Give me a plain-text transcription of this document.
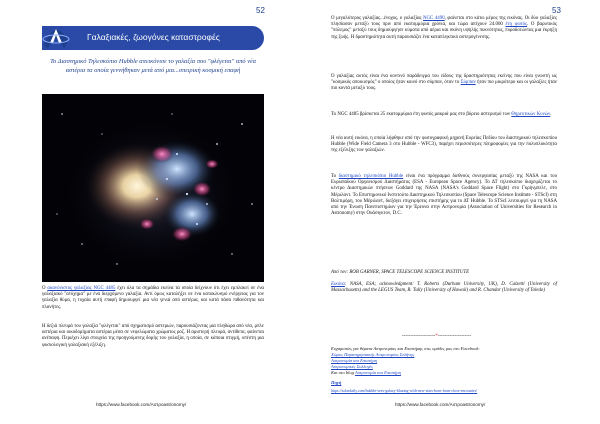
52
Γαλαξιακές, ζωογόνες καταστροφές
Το Διαστημικό Τηλεσκόπιο Hubble απεικόνισε το γαλαξία που "φλέγεται" από νέα αστέρια τα οποία γεννήθηκαν μετά από μια...σπειρική κοσμική επαφή
Ο ακανόνιστος γαλαξίας NGC 4485 έχει όλα τα σημάδια εκείνα τα οποία δείχνουν ότι έχει εμπλακεί σε ένα γαλαξιακό "ατύχημα" με ένα διερχόμενο γαλαξία. Αντί όμως καταλήξει σε ένα κατακλυσμό ενέργειας για τον γαλαξία θύμα, η τυχαία αυτή επαφή δημιουργεί μια νέα γενιά από αστέρια, και κατά πάσα πιθανότητα και πλανήτες.
Η δεξιά πλευρά του γαλαξία "φλέγεται" από σχηματισμό αστεριών, παρουσιάζοντας μια πληθώρα από νέα, μπλε αστέρια και οικοδομήματα αστέρια μέσα σε νεφελώματα χρώματος ροζ. Η αριστερή πλευρά, αντίθετα, φαίνεται ανέπαφη. Περιέχει λίγα στοιχεία της προηγούμενης δομής του γαλαξία, η οποία, σε κάποια στιγμή, υπέστη μια φυσιολογική γαλαξιακή εξέλιξη.
https://www.facebook.com/Αστροastronomy/
53
Ο μεγαλύτερος γαλαξίας...ένοχος, ο γαλαξίας NGC 4490, φαίνεται στο κάτω μέρος της εικόνας. Οι δύο γαλαξίες πλησίασαν μεταξύ τους πριν από εκατομμύρια χρόνια, και τώρα απέχουν 24.000 έτη φωτός. Ο βαρυτικός "πόλεμος" μεταξύ τους δημιούργησε κύματα από αέρια και σκόνη υψηλής πυκνότητας, πυροδοτώντας μια έκρηξη της ζωής. Η δραστηριότητα αυτή παρουσιάζει ένα καταπληκτικό αστερογένεσης.
Ο γαλαξίας αυτός είναι ένα κοντινό παράδειγμα του είδους της δραστηριότητας εκείνης που είναι γνωστή ως "κοσμικός αποικισμός" ο οποίος ήταν κοινό στο σύμπαν, όταν το Σύμπαν ήταν πιο μικρότερο και οι γαλαξίες ήταν πιο κοντά μεταξύ τους.
Το NGC 4485 βρίσκεται 25 εκατομμύρια έτη φωτός μακριά μας στο βόρειο αστερισμό των Θηρευτικών Κυνών.
Η νέα αυτή εικόνα, η οποία λήφθηκε από την φωτογραφική μηχανή Ευρείας Πεδίου του διαστημικού τηλεσκοπίου Hubble (Wide Field Camera 3 στο Hubble - WFC3), παρέχει περισσότερες πληροφορίες για την πολυπλοκότητα της εξέλιξης των γαλαξιών.
Το διαστημικό τηλεσκόπιο Hubble είναι ένα πρόγραμμα διεθνούς συνεργασίας μεταξύ της NASA και του Ευρωπαϊκού Οργανισμού Διαστήματος (ESA - European Space Agency). Το ΔΤ τηλεσκόπιο διαχειρίζεται το κέντρο Διαστημικών πτήσεων Goddard της NASA (NASA's Goddard Space Flight) στο Γκρήνμπελτ, στο Μέριλαντ. Το Επιστημονικό Ινστιτούτο Διαστημικού Τηλεσκοπίου (Space Telescope Science Institute - STScI) στη Βαλτιμόρη, του Μέριλαντ, διεξάγει επιχειρήσεις επιστήμης για το ΔΤ Hubble. Το STScI λειτουργεί για τη NASA από την Ένωση Πανεπιστημίων για την Έρευνα στην Αστρονομία (Association of Universities for Research in Astronomy) στην Ουάσιγκτον, D.C.
Από τον: ROB GARNER, SPACE TELESCOPE SCIENCE INSTITUTE
Εικόνα: NASA, ESA; acknowledgment: T. Roberts (Durham University, UK), D. Calzetti (University of Massachusetts) and the LEGUS Team, R. Tully (University of Hawaii) and R. Chandar (University of Toledo)
--------------------*--------------------
Ευχαριστίες για θέματα Αστρονομίας και Επιστήμης στις ομάδες μας στο Facebook:
Χώρος Παρατηρησιακής Αστρονομίας Σελήνης
Αστρονομία και Επιστήμη
Αστρονομικές Συλλογές
Και στο blog Αστρονομία και Επιστήμη
Πηγή
https://solardaily.com/hubble-sees-galaxy-blazing-with-new-stars-born-from-close-encounter/
https://www.facebook.com/Αστροastronomy/
